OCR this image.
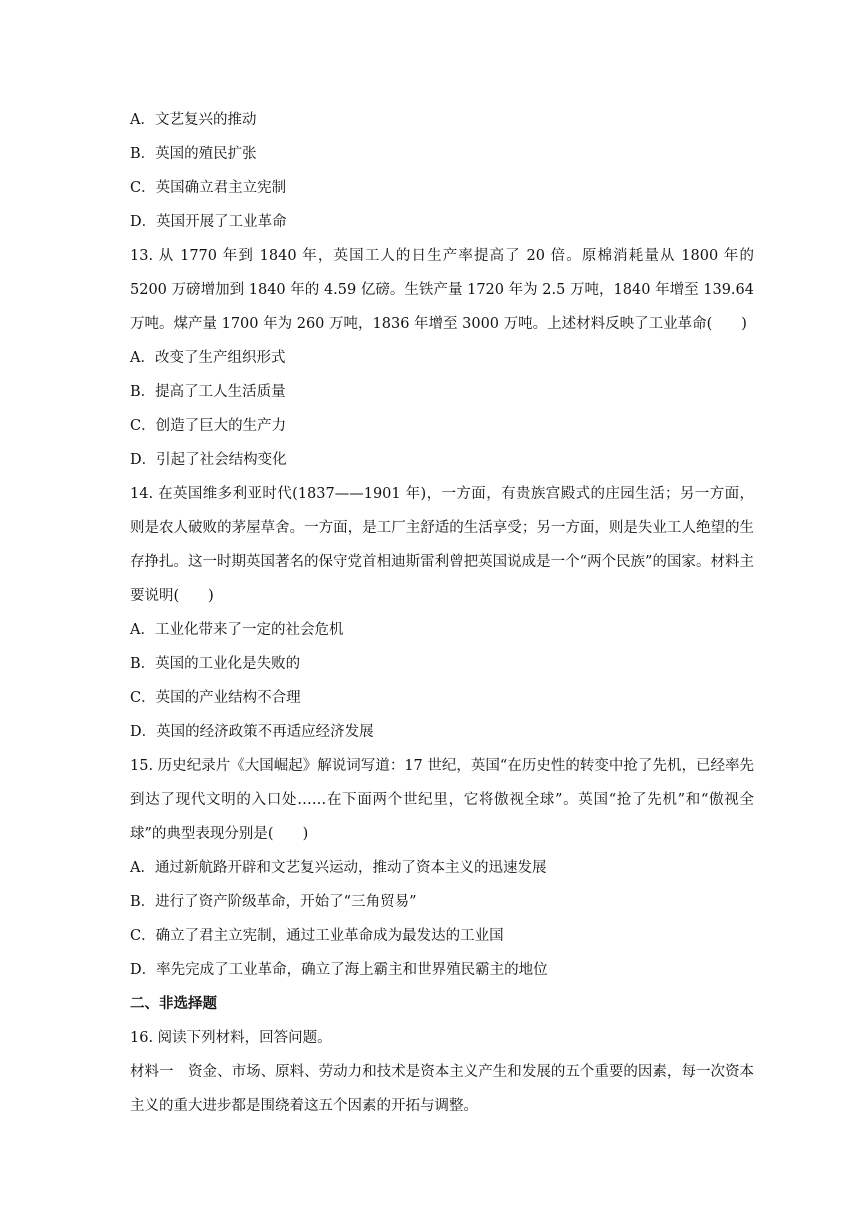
A．文艺复兴的推动
B．英国的殖民扩张
C．英国确立君主立宪制
D．英国开展了工业革命

13. 从 1770 年到 1840 年，英国工人的日生产率提高了 20 倍。原棉消耗量从 1800 年的 5200 万磅增加到 1840 年的 4.59 亿磅。生铁产量 1720 年为 2.5 万吨，1840 年增至 139.64 万吨。煤产量 1700 年为 260 万吨，1836 年增至 3000 万吨。上述材料反映了工业革命(　　)

A．改变了生产组织形式
B．提高了工人生活质量
C．创造了巨大的生产力
D．引起了社会结构变化

14. 在英国维多利亚时代(1837——1901 年)，一方面，有贵族宫殿式的庄园生活；另一方面，则是农人破败的茅屋草舍。一方面，是工厂主舒适的生活享受；另一方面，则是失业工人绝望的生存挣扎。这一时期英国著名的保守党首相迪斯雷利曾把英国说成是一个“两个民族”的国家。材料主要说明(　　)

A．工业化带来了一定的社会危机
B．英国的工业化是失败的
C．英国的产业结构不合理
D．英国的经济政策不再适应经济发展

15. 历史纪录片《大国崛起》解说词写道：17 世纪，英国“在历史性的转变中抢了先机，已经率先到达了现代文明的入口处……在下面两个世纪里，它将傲视全球”。英国“抢了先机”和“傲视全球”的典型表现分别是(　　)

A．通过新航路开辟和文艺复兴运动，推动了资本主义的迅速发展
B．进行了资产阶级革命，开始了“三角贸易”
C．确立了君主立宪制，通过工业革命成为最发达的工业国
D．率先完成了工业革命，确立了海上霸主和世界殖民霸主的地位
二、非选择题
16. 阅读下列材料，回答问题。

材料一　资金、市场、原料、劳动力和技术是资本主义产生和发展的五个重要的因素，每一次资本主义的重大进步都是围绕着这五个因素的开拓与调整。
